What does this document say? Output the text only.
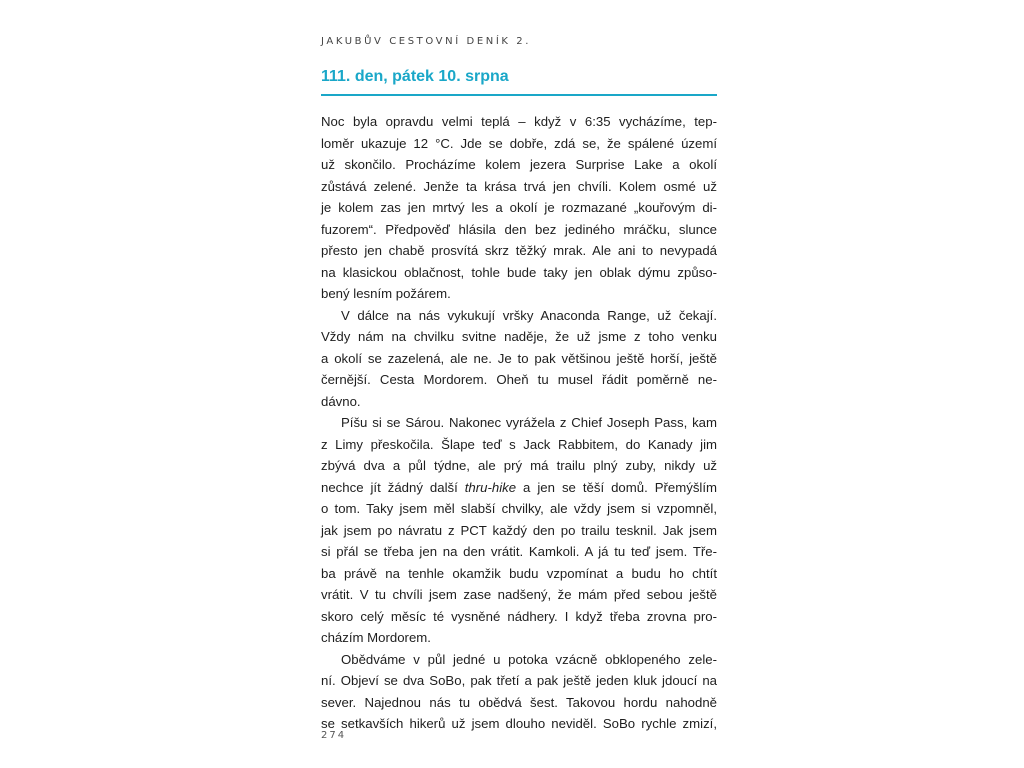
JAKUBŮV CESTOVNÍ DENÍK 2.
111. den, pátek 10. srpna

Noc byla opravdu velmi teplá – když v 6:35 vycházíme, tep-
loměr ukazuje 12 °C. Jde se dobře, zdá se, že spálené území
už skončilo. Procházíme kolem jezera Surprise Lake a okolí
zůstává zelené. Jenže ta krása trvá jen chvíli. Kolem osmé už
je kolem zas jen mrtvý les a okolí je rozmazané „kouřovým di-
fuzorem“. Předpověď hlásila den bez jediného mráčku, slunce
přesto jen chabě prosvítá skrz těžký mrak. Ale ani to nevypadá
na klasickou oblačnost, tohle bude taky jen oblak dýmu způso-
bený lesním požárem.

V dálce na nás vykukují vršky Anaconda Range, už čekají.
Vždy nám na chvilku svitne naděje, že už jsme z toho venku
a okolí se zazelená, ale ne. Je to pak většinou ještě horší, ještě
černější. Cesta Mordorem. Oheň tu musel řádit poměrně ne-
dávno.

Píšu si se Sárou. Nakonec vyrážela z Chief Joseph Pass, kam
z Limy přeskočila. Šlape teď s Jack Rabbitem, do Kanady jim
zbývá dva a půl týdne, ale prý má trailu plný zuby, nikdy už
nechce jít žádný další thru-hike a jen se těší domů. Přemýšlím
o tom. Taky jsem měl slabší chvilky, ale vždy jsem si vzpomněl,
jak jsem po návratu z PCT každý den po trailu tesknil. Jak jsem
si přál se třeba jen na den vrátit. Kamkoli. A já tu teď jsem. Tře-
ba právě na tenhle okamžik budu vzpomínat a budu ho chtít
vrátit. V tu chvíli jsem zase nadšený, že mám před sebou ještě
skoro celý měsíc té vysněné nádhery. I když třeba zrovna pro-
cházím Mordorem.

Obědváme v půl jedné u potoka vzácně obklopeného zele-
ní. Objeví se dva SoBo, pak třetí a pak ještě jeden kluk jdoucí na
sever. Najednou nás tu obědvá šest. Takovou hordu nahodně
se setkavších hikerů už jsem dlouho neviděl. SoBo rychle zmizí,

274
